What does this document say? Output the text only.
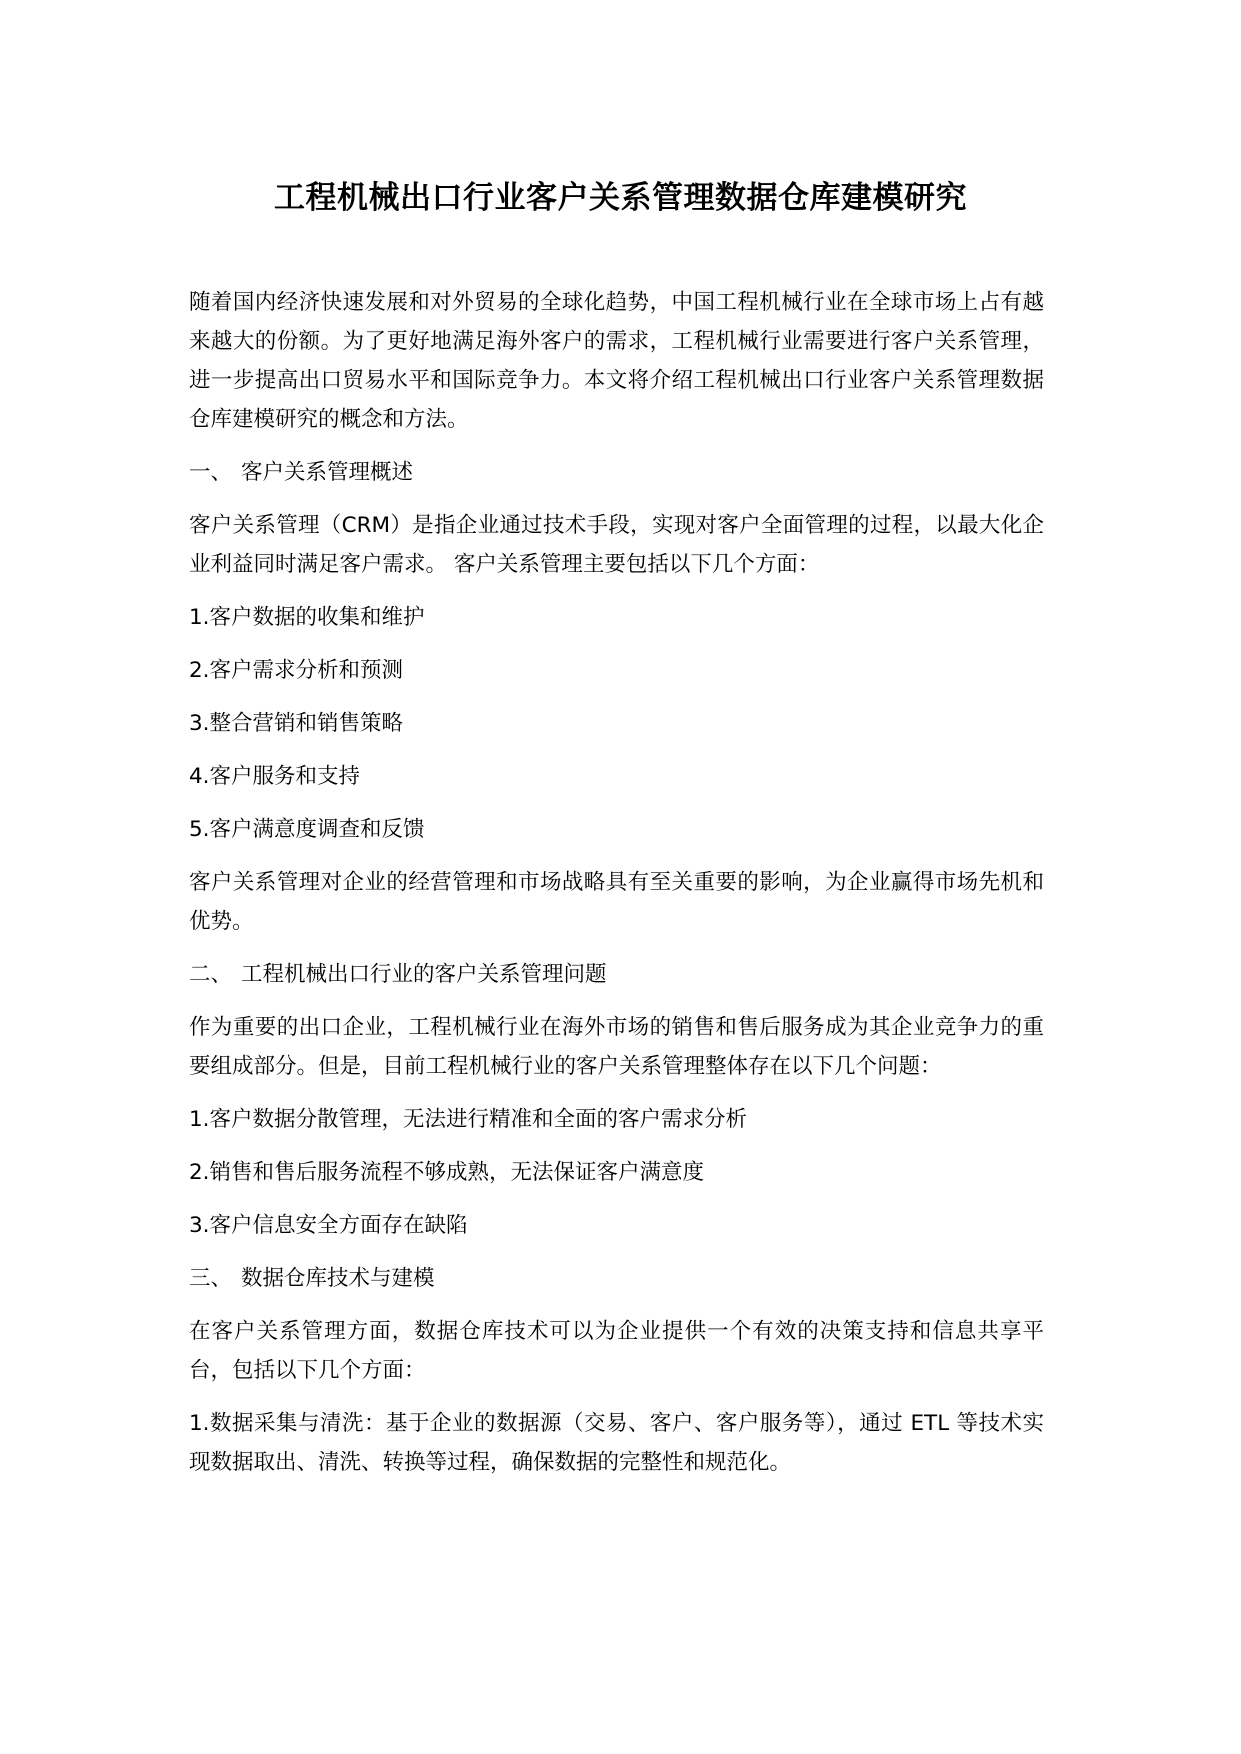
工程机械出口行业客户关系管理数据仓库建模研究

随着国内经济快速发展和对外贸易的全球化趋势，中国工程机械行业在全球市场上占有越来越大的份额。为了更好地满足海外客户的需求，工程机械行业需要进行客户关系管理，进一步提高出口贸易水平和国际竞争力。本文将介绍工程机械出口行业客户关系管理数据仓库建模研究的概念和方法。

一、 客户关系管理概述

客户关系管理（CRM）是指企业通过技术手段，实现对客户全面管理的过程，以最大化企业利益同时满足客户需求。 客户关系管理主要包括以下几个方面：

1.客户数据的收集和维护

2.客户需求分析和预测

3.整合营销和销售策略

4.客户服务和支持

5.客户满意度调查和反馈

客户关系管理对企业的经营管理和市场战略具有至关重要的影响，为企业赢得市场先机和优势。

二、 工程机械出口行业的客户关系管理问题

作为重要的出口企业，工程机械行业在海外市场的销售和售后服务成为其企业竞争力的重要组成部分。但是，目前工程机械行业的客户关系管理整体存在以下几个问题：

1.客户数据分散管理，无法进行精准和全面的客户需求分析

2.销售和售后服务流程不够成熟，无法保证客户满意度

3.客户信息安全方面存在缺陷

三、 数据仓库技术与建模

在客户关系管理方面，数据仓库技术可以为企业提供一个有效的决策支持和信息共享平台，包括以下几个方面：

1.数据采集与清洗：基于企业的数据源（交易、客户、客户服务等），通过 ETL 等技术实现数据取出、清洗、转换等过程，确保数据的完整性和规范化。
